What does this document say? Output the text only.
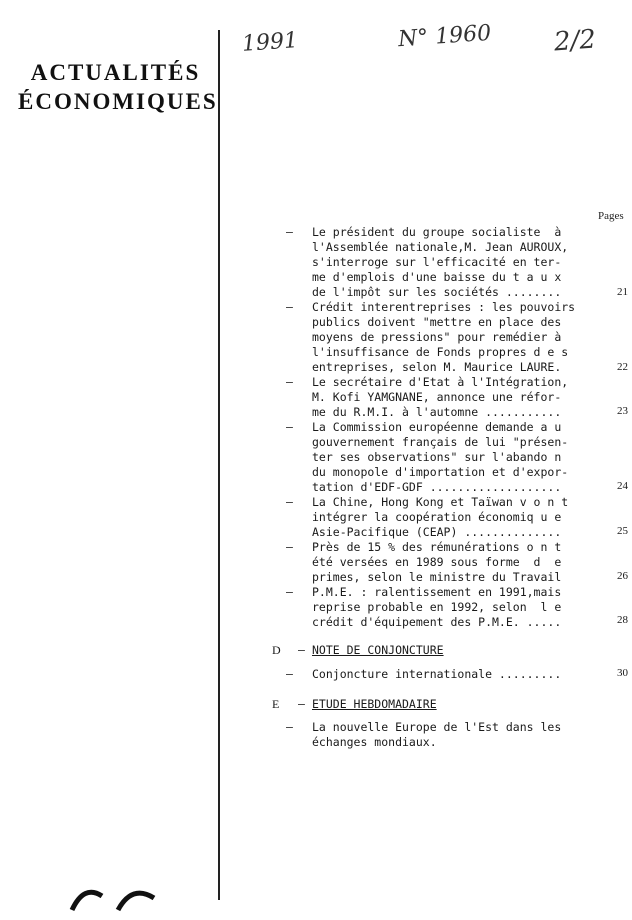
ACTUALITÉS
ÉCONOMIQUES
1991	N° 1960 2/2
Pages
– Le président du groupe socialiste  à
l'Assemblée nationale,M. Jean AUROUX,
s'interroge sur l'efficacité en ter-
me d'emplois d'une baisse du t a u x
de l'impôt sur les sociétés ........	21
– Crédit interentreprises : les pouvoirs
publics doivent "mettre en place des
moyens de pressions" pour remédier à
l'insuffisance de Fonds propres d e s
entreprises, selon M. Maurice LAURE.	22
– Le secrétaire d'Etat à l'Intégration,
M. Kofi YAMGNANE, annonce une réfor-
me du R.M.I. à l'automne ...........	23
– La Commission européenne demande a u
gouvernement français de lui "présen-
ter ses observations" sur l'abando n
du monopole d'importation et d'expor-
tation d'EDF-GDF ...................	24
– La Chine, Hong Kong et Taïwan v o n t
intégrer la coopération économiq u e
Asie-Pacifique (CEAP) ..............	25
– Près de 15 % des rémunérations o n t
été versées en 1989 sous forme  d  e
primes, selon le ministre du Travail	26
– P.M.E. : ralentissement en 1991,mais
reprise probable en 1992, selon  l e
crédit d'équipement des P.M.E. .....	28
D – NOTE DE CONJONCTURE
– Conjoncture internationale .........	30
E – ETUDE HEBDOMADAIRE
– La nouvelle Europe de l'Est dans les
échanges mondiaux.
